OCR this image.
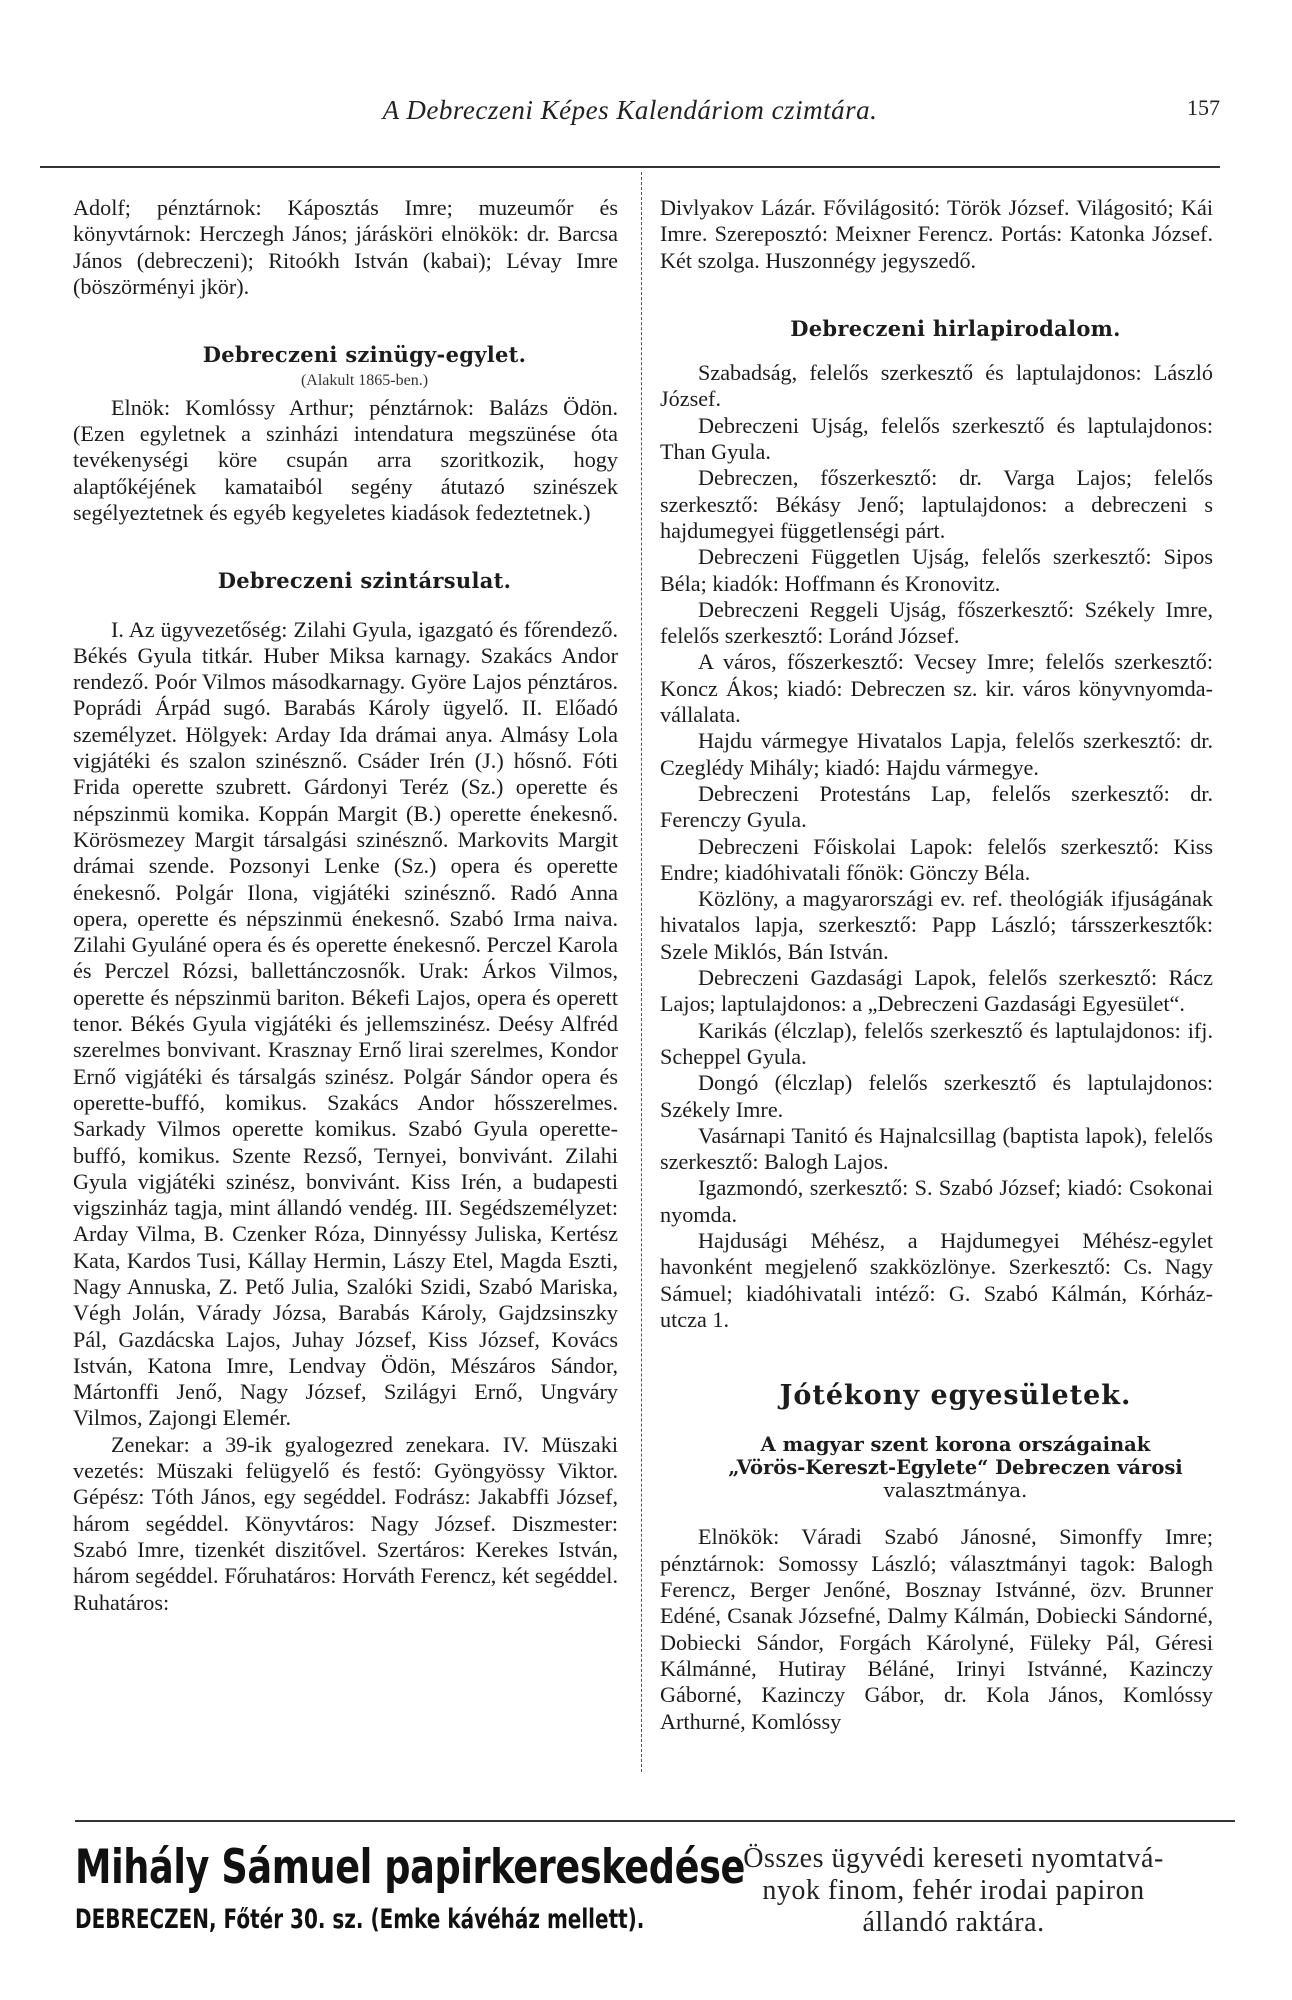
A Debreczeni Képes Kalendáriom czimtára.	157

Adolf; pénztárnok: Káposztás Imre; muzeumőr és könyvtárnok: Herczegh János; járásköri elnökök: dr. Barcsa János (debreczeni); Ritoókh István (kabai); Lévay Imre (böszörményi jkör).

Debreczeni szinügy-egylet.

(Alakult 1865-ben.)

Elnök: Komlóssy Arthur; pénztárnok: Balázs Ödön. (Ezen egyletnek a szinházi intendatura megszünése óta tevékenységi köre csupán arra szoritkozik, hogy alaptőkéjének kamataiból segény átutazó szinészek segélyeztetnek és egyéb kegyeletes kiadások fedeztetnek.)

Debreczeni szintársulat.

I. Az ügyvezetőség: Zilahi Gyula, igazgató és főrendező. Békés Gyula titkár. Huber Miksa karnagy. Szakács Andor rendező. Poór Vilmos másodkarnagy. Györe Lajos pénztáros. Poprádi Árpád sugó. Barabás Károly ügyelő. II. Előadó személyzet. Hölgyek: Arday Ida drámai anya. Almásy Lola vigjátéki és szalon szinésznő. Csáder Irén (J.) hősnő. Fóti Frida operette szubrett. Gárdonyi Teréz (Sz.) operette és népszinmü komika. Koppán Margit (B.) operette énekesnő. Körösmezey Margit társalgási szinésznő. Markovits Margit drámai szende. Pozsonyi Lenke (Sz.) opera és operette énekesnő. Polgár Ilona, vigjátéki szinésznő. Radó Anna opera, operette és népszinmü énekesnő. Szabó Irma naiva. Zilahi Gyuláné opera és és operette énekesnő. Perczel Karola és Perczel Rózsi, ballettánczosnők. Urak: Árkos Vilmos, operette és népszinmü bariton. Békefi Lajos, opera és operett tenor. Békés Gyula vigjátéki és jellemszinész. Deésy Alfréd szerelmes bonvivant. Krasznay Ernő lirai szerelmes, Kondor Ernő vigjátéki és társalgás szinész. Polgár Sándor opera és operette-buffó, komikus. Szakács Andor hősszerelmes. Sarkady Vilmos operette komikus. Szabó Gyula operette-buffó, komikus. Szente Rezső, Ternyei, bonvivánt. Zilahi Gyula vigjátéki szinész, bonvivánt. Kiss Irén, a budapesti vigszinház tagja, mint állandó vendég. III. Segédszemélyzet: Arday Vilma, B. Czenker Róza, Dinnyéssy Juliska, Kertész Kata, Kardos Tusi, Kállay Hermin, Lászy Etel, Magda Eszti, Nagy Annuska, Z. Pető Julia, Szalóki Szidi, Szabó Mariska, Végh Jolán, Várady Józsa, Barabás Károly, Gajdzsinszky Pál, Gazdácska Lajos, Juhay József, Kiss József, Kovács István, Katona Imre, Lendvay Ödön, Mészáros Sándor, Mártonffi Jenő, Nagy József, Szilágyi Ernő, Ungváry Vilmos, Zajongi Elemér.

Zenekar: a 39-ik gyalogezred zenekara. IV. Müszaki vezetés: Müszaki felügyelő és festő: Gyöngyössy Viktor. Gépész: Tóth János, egy segéddel. Fodrász: Jakabffi József, három segéddel. Könyvtáros: Nagy József. Diszmester: Szabó Imre, tizenkét diszitővel. Szertáros: Kerekes István, három segéddel. Főruhatáros: Horváth Ferencz, két segéddel. Ruhatáros:

Divlyakov Lázár. Fővilágositó: Török József. Világositó; Kái Imre. Szereposztó: Meixner Ferencz. Portás: Katonka József. Két szolga. Huszonnégy jegyszedő.

Debreczeni hirlapirodalom.

Szabadság, felelős szerkesztő és laptulajdonos: László József.

Debreczeni Ujság, felelős szerkesztő és laptulajdonos: Than Gyula.

Debreczen, főszerkesztő: dr. Varga Lajos; felelős szerkesztő: Békásy Jenő; laptulajdonos: a debreczeni s hajdumegyei függetlenségi párt.

Debreczeni Független Ujság, felelős szerkesztő: Sipos Béla; kiadók: Hoffmann és Kronovitz.

Debreczeni Reggeli Ujság, főszerkesztő: Székely Imre, felelős szerkesztő: Loránd József.

A város, főszerkesztő: Vecsey Imre; felelős szerkesztő: Koncz Ákos; kiadó: Debreczen sz. kir. város könyvnyomda-vállalata.

Hajdu vármegye Hivatalos Lapja, felelős szerkesztő: dr. Czeglédy Mihály; kiadó: Hajdu vármegye.

Debreczeni Protestáns Lap, felelős szerkesztő: dr. Ferenczy Gyula.

Debreczeni Főiskolai Lapok: felelős szerkesztő: Kiss Endre; kiadóhivatali főnök: Gönczy Béla.

Közlöny, a magyarországi ev. ref. theológiák ifjuságának hivatalos lapja, szerkesztő: Papp László; társszerkesztők: Szele Miklós, Bán István.

Debreczeni Gazdasági Lapok, felelős szerkesztő: Rácz Lajos; laptulajdonos: a „Debreczeni Gazdasági Egyesület“.

Karikás (élczlap), felelős szerkesztő és laptulajdonos: ifj. Scheppel Gyula.

Dongó (élczlap) felelős szerkesztő és laptulajdonos: Székely Imre.

Vasárnapi Tanitó és Hajnalcsillag (baptista lapok), felelős szerkesztő: Balogh Lajos.

Igazmondó, szerkesztő: S. Szabó József; kiadó: Csokonai nyomda.

Hajdusági Méhész, a Hajdumegyei Méhész-egylet havonként megjelenő szakközlönye. Szerkesztő: Cs. Nagy Sámuel; kiadóhivatali intéző: G. Szabó Kálmán, Kórház-utcza 1.

Jótékony egyesületek.

A magyar szent korona országainak

„Vörös-Kereszt-Egylete“ Debreczen városi

valasztmánya.

Elnökök: Váradi Szabó Jánosné, Simonffy Imre; pénztárnok: Somossy László; választmányi tagok: Balogh Ferencz, Berger Jenőné, Bosznay Istvánné, özv. Brunner Edéné, Csanak Józsefné, Dalmy Kálmán, Dobiecki Sándorné, Dobiecki Sándor, Forgách Károlyné, Füleky Pál, Géresi Kálmánné, Hutiray Béláné, Irinyi Istvánné, Kazinczy Gáborné, Kazinczy Gábor, dr. Kola János, Komlóssy Arthurné, Komlóssy

Mihály Sámuel papirkereskedése
DEBRECZEN, Főtér 30. sz. (Emke kávéház mellett).
Összes ügyvédi kereseti nyomtatvá-
nyok finom, fehér irodai papiron
állandó raktára.
